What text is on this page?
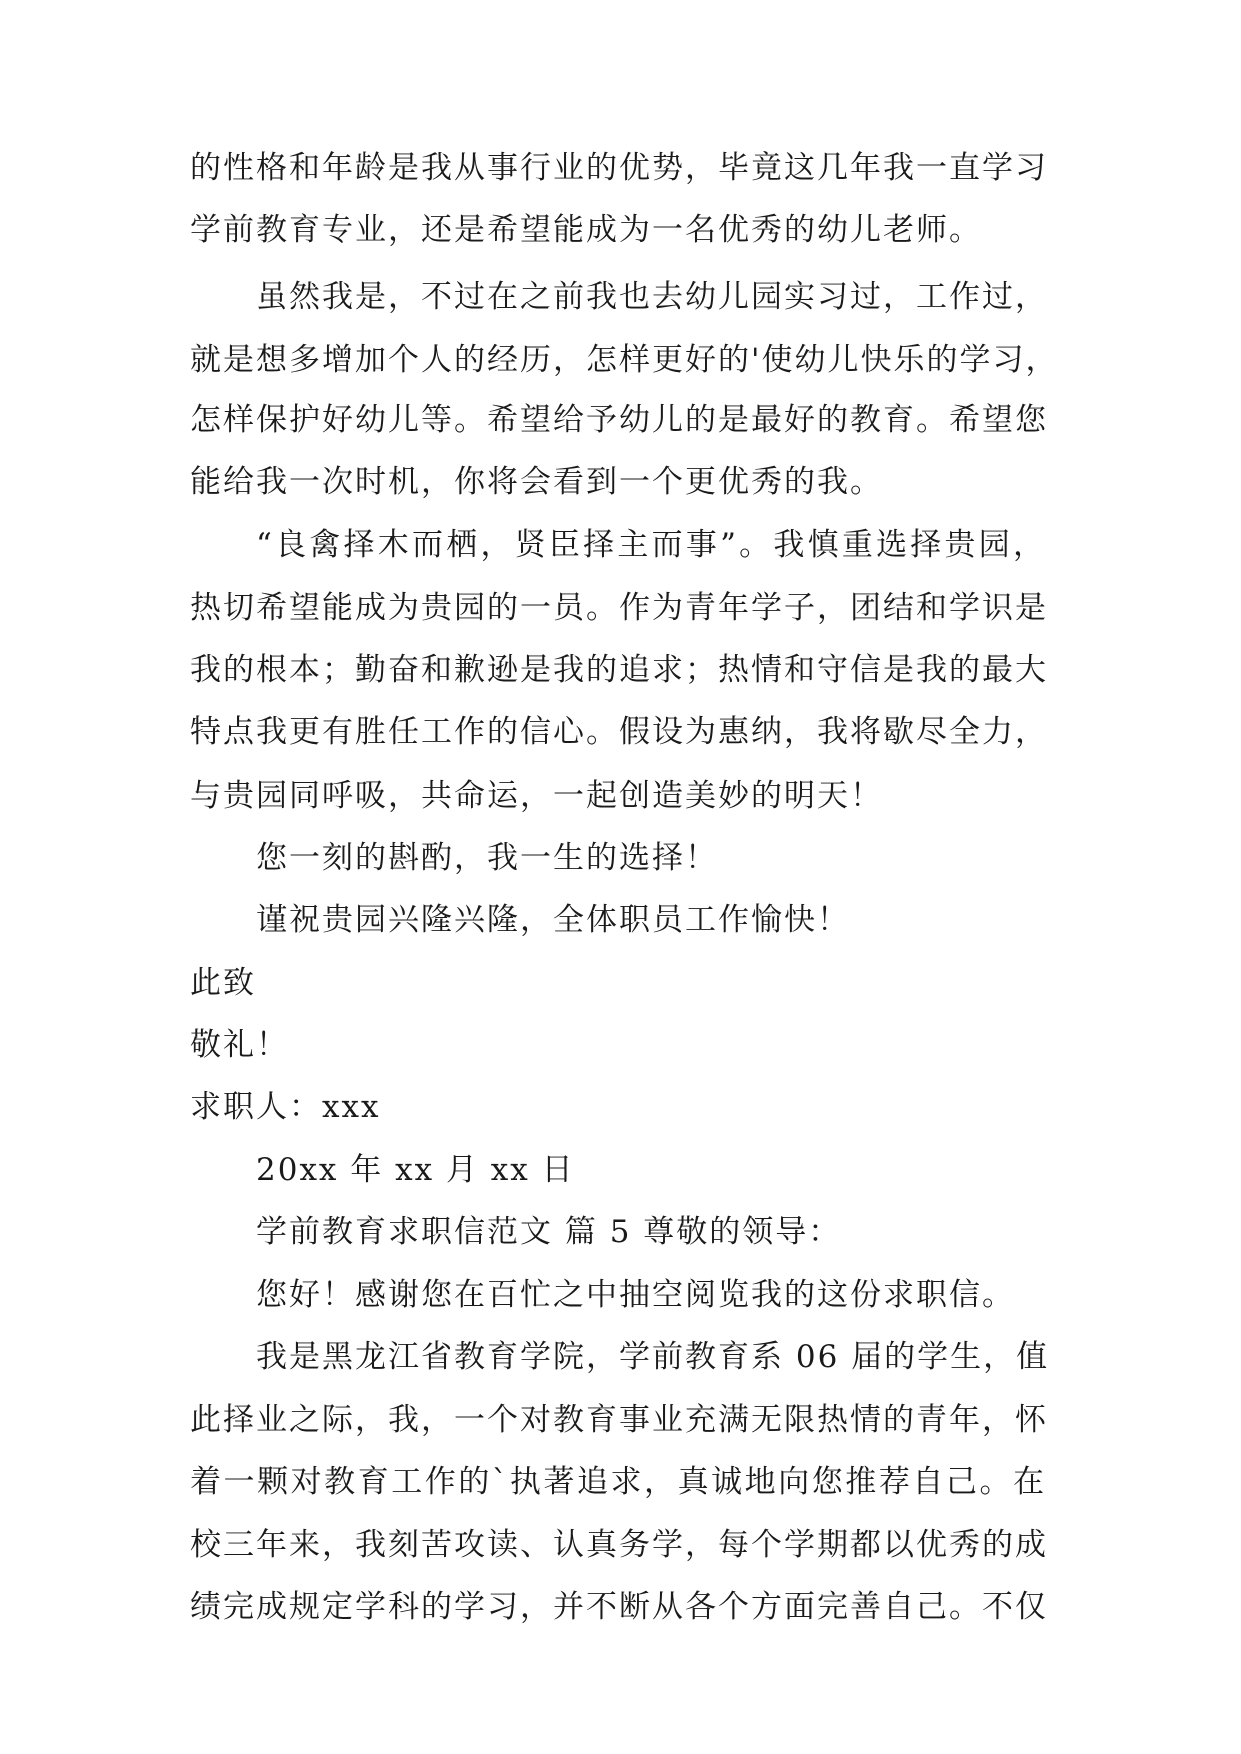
的性格和年龄是我从事行业的优势，毕竟这几年我一直学习
学前教育专业，还是希望能成为一名优秀的幼儿老师。
虽然我是，不过在之前我也去幼儿园实习过，工作过，
就是想多增加个人的经历，怎样更好的'使幼儿快乐的学习，
怎样保护好幼儿等。希望给予幼儿的是最好的教育。希望您
能给我一次时机，你将会看到一个更优秀的我。
“良禽择木而栖，贤臣择主而事”。我慎重选择贵园，
热切希望能成为贵园的一员。作为青年学子，团结和学识是
我的根本；勤奋和歉逊是我的追求；热情和守信是我的最大
特点我更有胜任工作的信心。假设为惠纳，我将歇尽全力，
与贵园同呼吸，共命运，一起创造美妙的明天！
您一刻的斟酌，我一生的选择！
谨祝贵园兴隆兴隆，全体职员工作愉快！
此致
敬礼！
求职人：xxx
20xx 年 xx 月 xx 日
学前教育求职信范文 篇 5 尊敬的领导：
您好！感谢您在百忙之中抽空阅览我的这份求职信。
我是黑龙江省教育学院，学前教育系 06 届的学生，值
此择业之际，我，一个对教育事业充满无限热情的青年，怀
着一颗对教育工作的`执著追求，真诚地向您推荐自己。在
校三年来，我刻苦攻读、认真务学，每个学期都以优秀的成
绩完成规定学科的学习，并不断从各个方面完善自己。不仅
